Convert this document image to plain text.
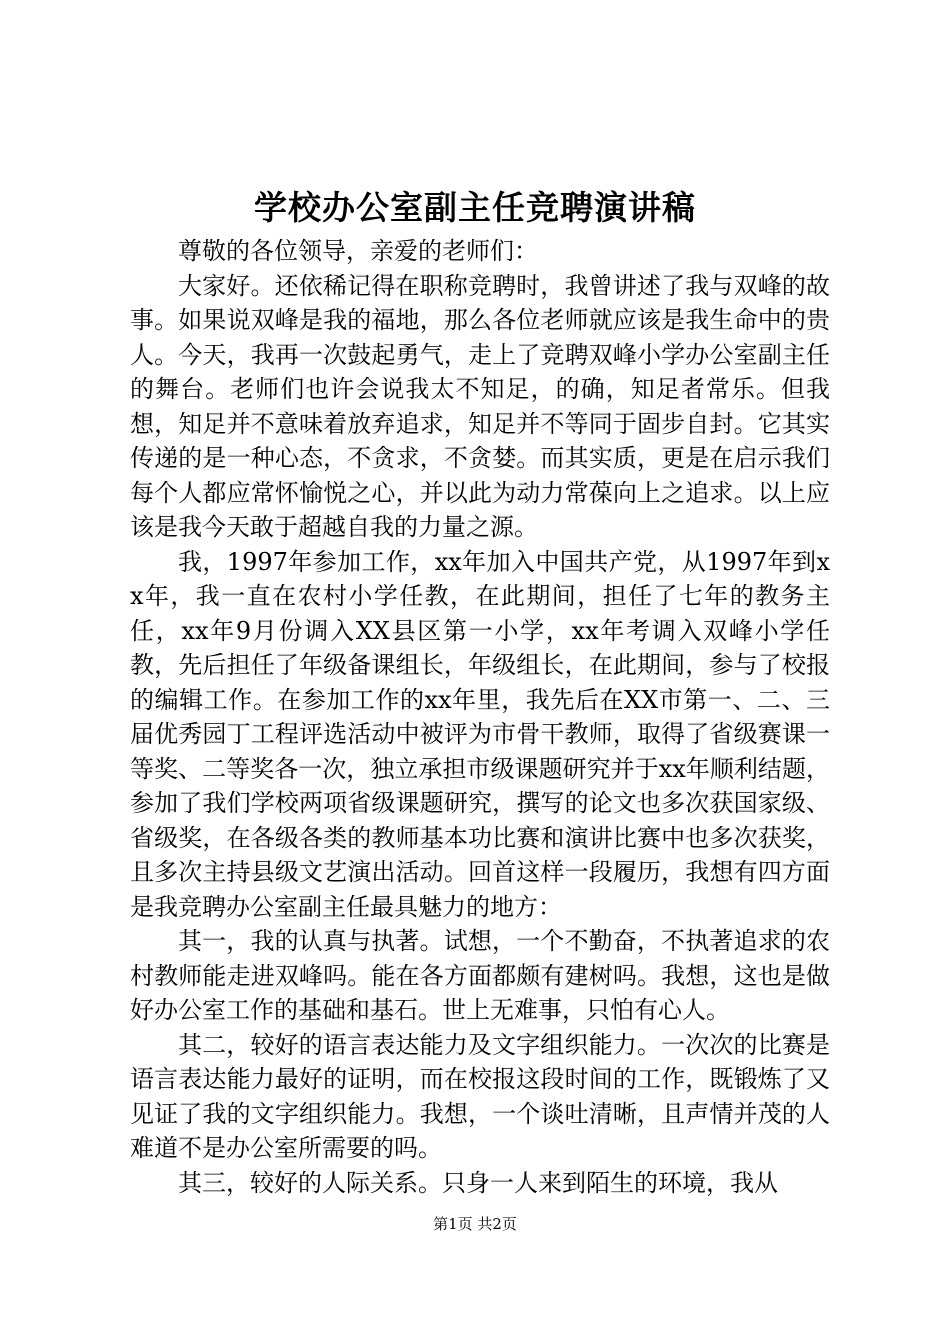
学校办公室副主任竞聘演讲稿

尊敬的各位领导，亲爱的老师们：

大家好。还依稀记得在职称竞聘时，我曾讲述了我与双峰的故事。如果说双峰是我的福地，那么各位老师就应该是我生命中的贵人。今天，我再一次鼓起勇气，走上了竞聘双峰小学办公室副主任的舞台。老师们也许会说我太不知足，的确，知足者常乐。但我想，知足并不意味着放弃追求，知足并不等同于固步自封。它其实传递的是一种心态，不贪求，不贪婪。而其实质，更是在启示我们每个人都应常怀愉悦之心，并以此为动力常葆向上之追求。以上应该是我今天敢于超越自我的力量之源。

我，1997年参加工作，xx年加入中国共产党，从1997年到xx年，我一直在农村小学任教，在此期间，担任了七年的教务主任，xx年9月份调入XX县区第一小学，xx年考调入双峰小学任教，先后担任了年级备课组长，年级组长，在此期间，参与了校报的编辑工作。在参加工作的xx年里，我先后在XX市第一、二、三届优秀园丁工程评选活动中被评为市骨干教师，取得了省级赛课一等奖、二等奖各一次，独立承担市级课题研究并于xx年顺利结题，参加了我们学校两项省级课题研究，撰写的论文也多次获国家级、省级奖，在各级各类的教师基本功比赛和演讲比赛中也多次获奖，且多次主持县级文艺演出活动。回首这样一段履历，我想有四方面是我竞聘办公室副主任最具魅力的地方：

其一，我的认真与执著。试想，一个不勤奋，不执著追求的农村教师能走进双峰吗。能在各方面都颇有建树吗。我想，这也是做好办公室工作的基础和基石。世上无难事，只怕有心人。

其二，较好的语言表达能力及文字组织能力。一次次的比赛是语言表达能力最好的证明，而在校报这段时间的工作，既锻炼了又见证了我的文字组织能力。我想，一个谈吐清晰，且声情并茂的人难道不是办公室所需要的吗。

其三，较好的人际关系。只身一人来到陌生的环境，我从

第1页 共2页
